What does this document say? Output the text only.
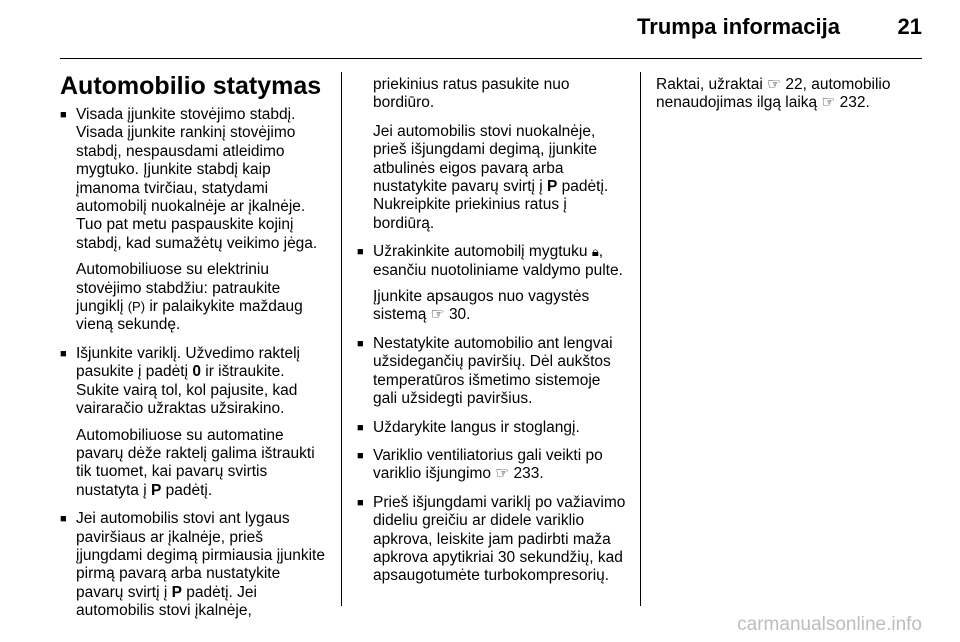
Trumpa informacija	21
Automobilio statymas
■ Visada įjunkite stovėjimo stabdį. Visada įjunkite rankinį stovėjimo stabdį, nespausdami atleidimo mygtuko. Įjunkite stabdį kaip įmanoma tvirčiau, statydami automobilį nuokalnėje ar įkalnėje. Tuo pat metu paspauskite kojinį stabdį, kad sumažėtų veikimo jėga.

Automobiliuose su elektriniu stovėjimo stabdžiu: patraukite jungiklį (P) ir palaikykite maždaug vieną sekundę.

■ Išjunkite variklį. Užvedimo raktelį pasukite į padėtį 0 ir ištraukite. Sukite vairą tol, kol pajusite, kad vairaračio užraktas užsirakino.

Automobiliuose su automatine pavarų dėže raktelį galima ištraukti tik tuomet, kai pavarų svirtis nustatyta į P padėtį.

■ Jei automobilis stovi ant lygaus paviršiaus ar įkalnėje, prieš įjungdami degimą pirmiausia įjunkite pirmą pavarą arba nustatykite pavarų svirtį į P padėtį. Jei automobilis stovi įkalnėje,

priekinius ratus pasukite nuo bordiūro.

Jei automobilis stovi nuokalnėje, prieš išjungdami degimą, įjunkite atbulinės eigos pavarą arba nustatykite pavarų svirtį į P padėtį. Nukreipkite priekinius ratus į bordiūrą.

■ Užrakinkite automobilį mygtuku 🔒︎, esančiu nuotoliniame valdymo pulte.

Įjunkite apsaugos nuo vagystės sistemą ☞ 30.

■ Nestatykite automobilio ant lengvai užsidegančių paviršių. Dėl aukštos temperatūros išmetimo sistemoje gali užsidegti paviršius.

■ Uždarykite langus ir stoglangį.

■ Variklio ventiliatorius gali veikti po variklio išjungimo ☞ 233.

■ Prieš išjungdami variklį po važiavimo dideliu greičiu ar didele variklio apkrova, leiskite jam padirbti maža apkrova apytikriai 30 sekundžių, kad apsaugotumėte turbokompresorių.

Raktai, užraktai ☞ 22, automobilio nenaudojimas ilgą laiką ☞ 232.

carmanualsonline.info
